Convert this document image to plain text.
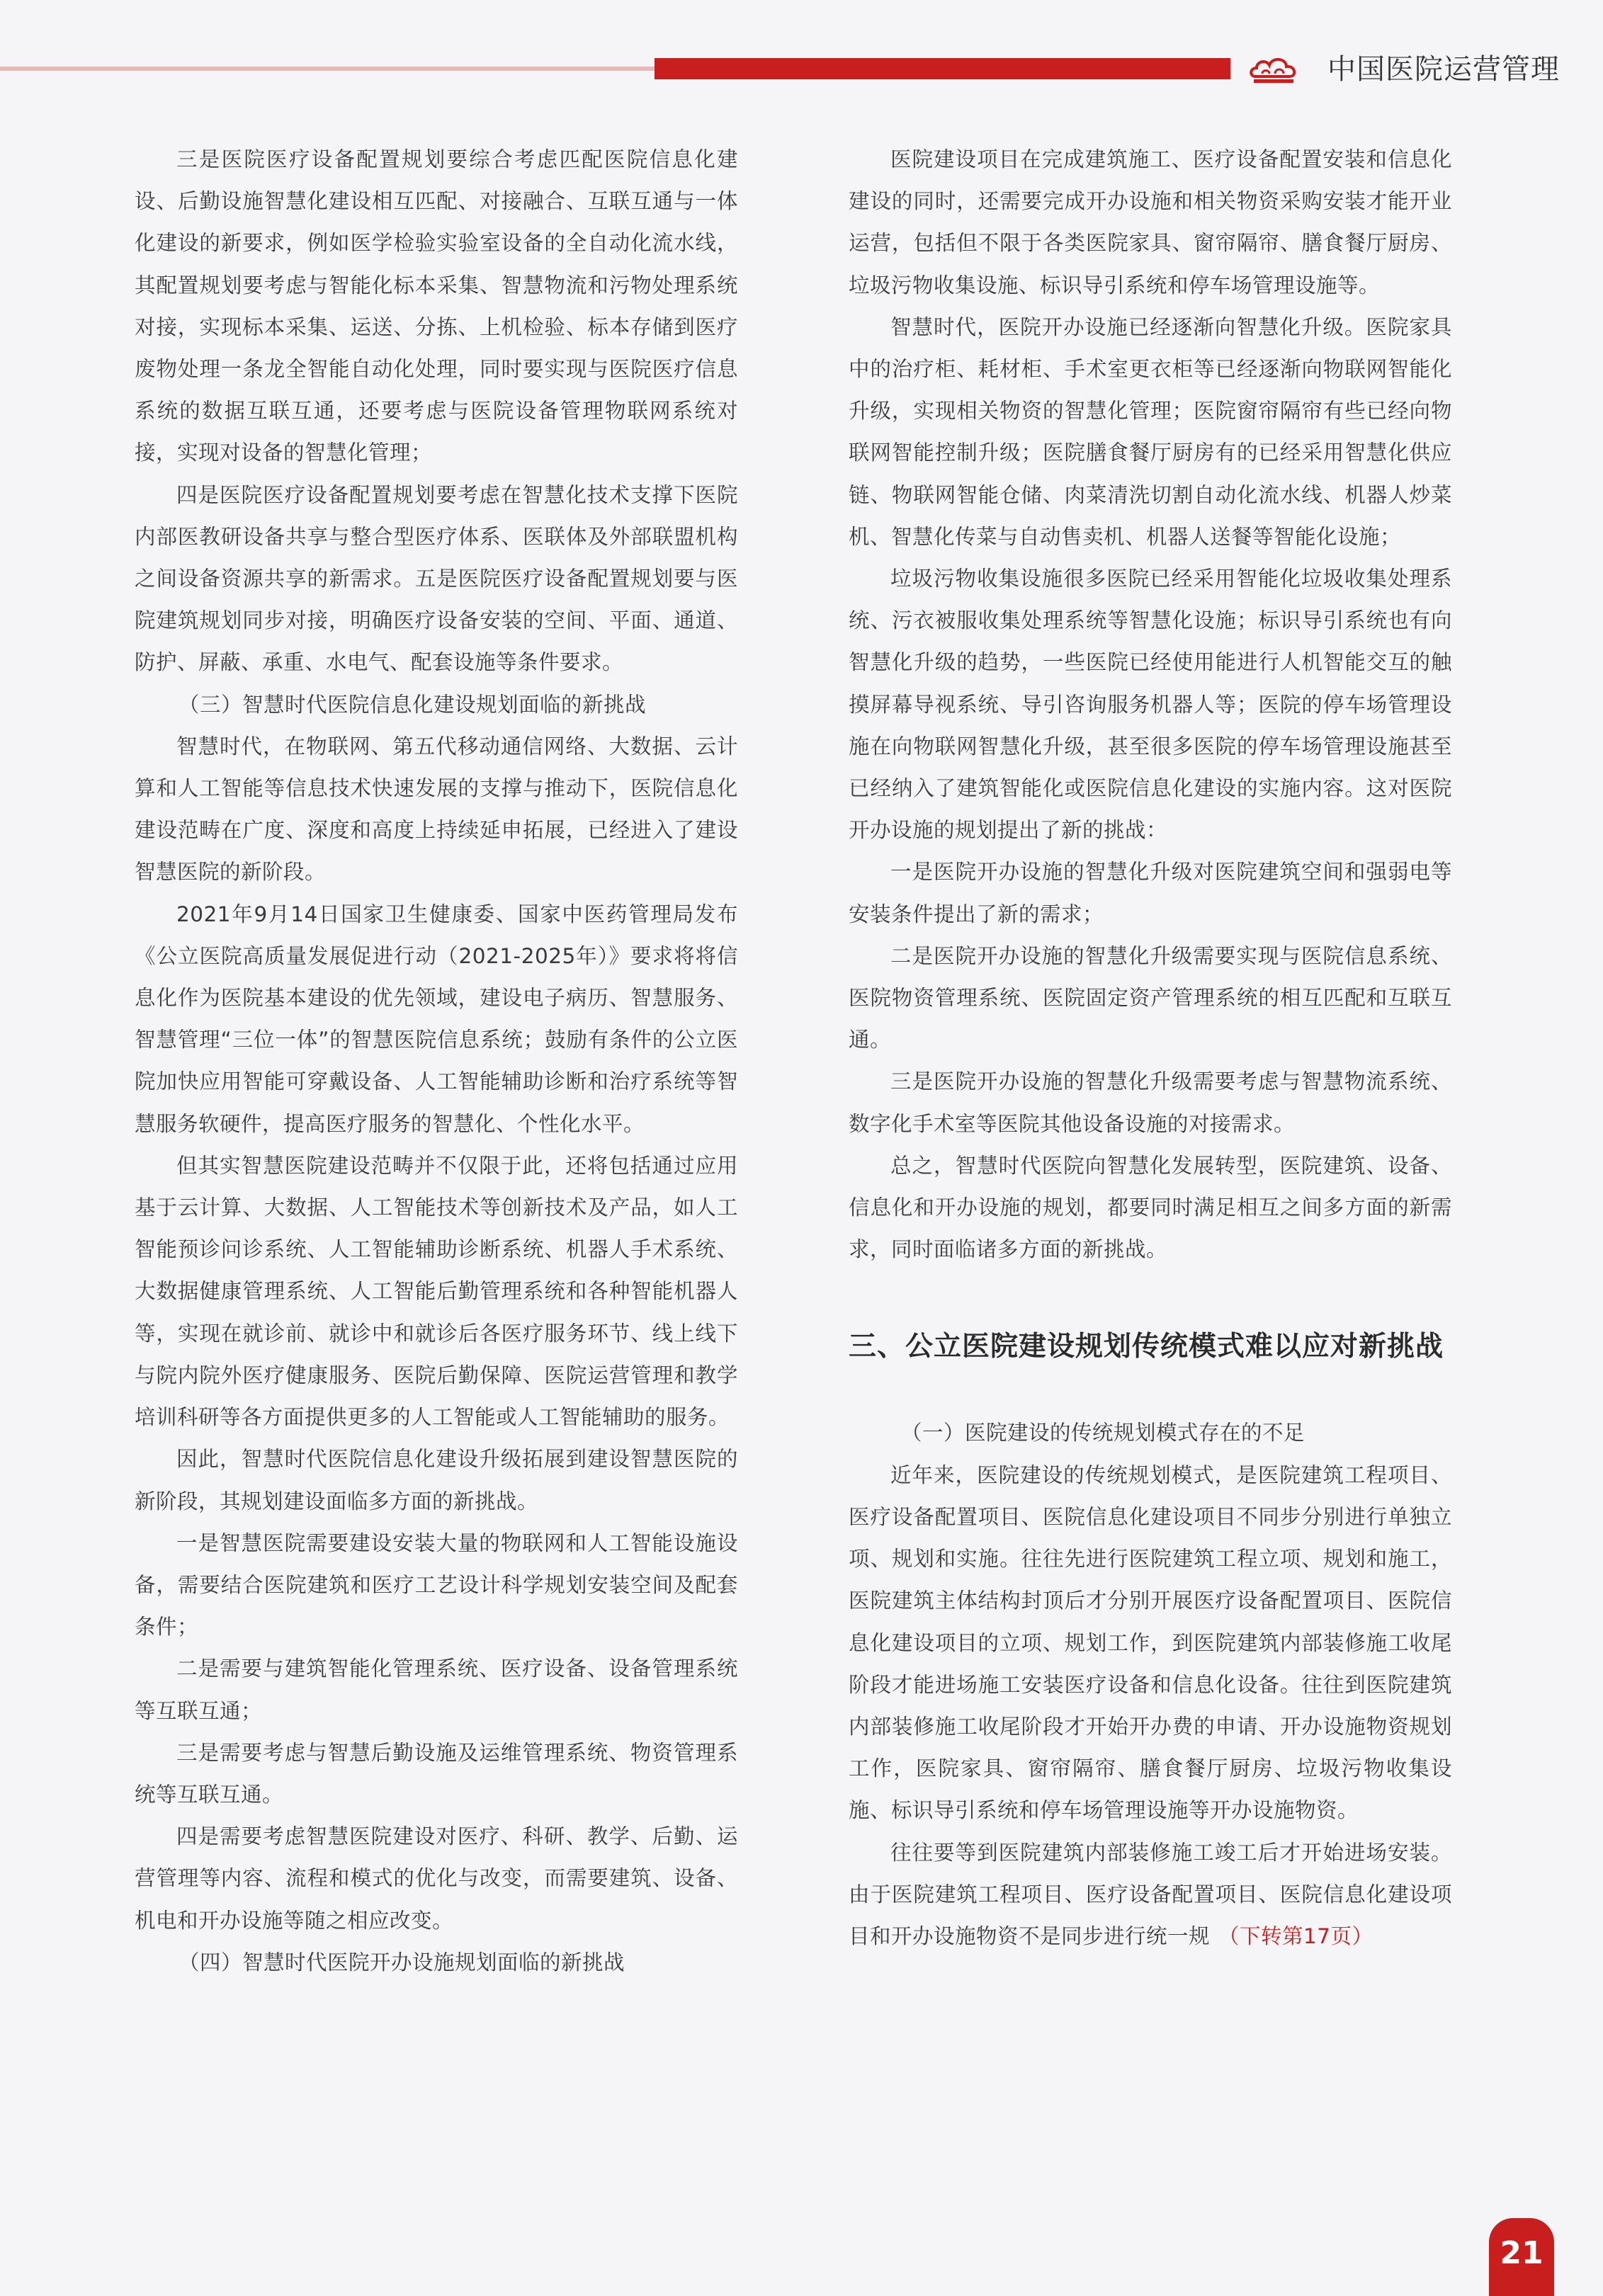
中国医院运营管理

三是医院医疗设备配置规划要综合考虑匹配医院信息化建设、后勤设施智慧化建设相互匹配、对接融合、互联互通与一体化建设的新要求，例如医学检验实验室设备的全自动化流水线，其配置规划要考虑与智能化标本采集、智慧物流和污物处理系统对接，实现标本采集、运送、分拣、上机检验、标本存储到医疗废物处理一条龙全智能自动化处理，同时要实现与医院医疗信息系统的数据互联互通，还要考虑与医院设备管理物联网系统对接，实现对设备的智慧化管理；

四是医院医疗设备配置规划要考虑在智慧化技术支撑下医院内部医教研设备共享与整合型医疗体系、医联体及外部联盟机构之间设备资源共享的新需求。五是医院医疗设备配置规划要与医院建筑规划同步对接，明确医疗设备安装的空间、平面、通道、防护、屏蔽、承重、水电气、配套设施等条件要求。

（三）智慧时代医院信息化建设规划面临的新挑战

智慧时代，在物联网、第五代移动通信网络、大数据、云计算和人工智能等信息技术快速发展的支撑与推动下，医院信息化建设范畴在广度、深度和高度上持续延申拓展，已经进入了建设智慧医院的新阶段。

2021年9月14日国家卫生健康委、国家中医药管理局发布《公立医院高质量发展促进行动（2021-2025年）》要求将将信息化作为医院基本建设的优先领域，建设电子病历、智慧服务、智慧管理“三位一体”的智慧医院信息系统；鼓励有条件的公立医院加快应用智能可穿戴设备、人工智能辅助诊断和治疗系统等智慧服务软硬件，提高医疗服务的智慧化、个性化水平。

但其实智慧医院建设范畴并不仅限于此，还将包括通过应用基于云计算、大数据、人工智能技术等创新技术及产品，如人工智能预诊问诊系统、人工智能辅助诊断系统、机器人手术系统、大数据健康管理系统、人工智能后勤管理系统和各种智能机器人等，实现在就诊前、就诊中和就诊后各医疗服务环节、线上线下与院内院外医疗健康服务、医院后勤保障、医院运营管理和教学培训科研等各方面提供更多的人工智能或人工智能辅助的服务。

因此，智慧时代医院信息化建设升级拓展到建设智慧医院的新阶段，其规划建设面临多方面的新挑战。

一是智慧医院需要建设安装大量的物联网和人工智能设施设备，需要结合医院建筑和医疗工艺设计科学规划安装空间及配套条件；

二是需要与建筑智能化管理系统、医疗设备、设备管理系统等互联互通；

三是需要考虑与智慧后勤设施及运维管理系统、物资管理系统等互联互通。

四是需要考虑智慧医院建设对医疗、科研、教学、后勤、运营管理等内容、流程和模式的优化与改变，而需要建筑、设备、机电和开办设施等随之相应改变。

（四）智慧时代医院开办设施规划面临的新挑战

医院建设项目在完成建筑施工、医疗设备配置安装和信息化建设的同时，还需要完成开办设施和相关物资采购安装才能开业运营，包括但不限于各类医院家具、窗帘隔帘、膳食餐厅厨房、垃圾污物收集设施、标识导引系统和停车场管理设施等。

智慧时代，医院开办设施已经逐渐向智慧化升级。医院家具中的治疗柜、耗材柜、手术室更衣柜等已经逐渐向物联网智能化升级，实现相关物资的智慧化管理；医院窗帘隔帘有些已经向物联网智能控制升级；医院膳食餐厅厨房有的已经采用智慧化供应链、物联网智能仓储、肉菜清洗切割自动化流水线、机器人炒菜机、智慧化传菜与自动售卖机、机器人送餐等智能化设施；

垃圾污物收集设施很多医院已经采用智能化垃圾收集处理系统、污衣被服收集处理系统等智慧化设施；标识导引系统也有向智慧化升级的趋势，一些医院已经使用能进行人机智能交互的触摸屏幕导视系统、导引咨询服务机器人等；医院的停车场管理设施在向物联网智慧化升级，甚至很多医院的停车场管理设施甚至已经纳入了建筑智能化或医院信息化建设的实施内容。这对医院开办设施的规划提出了新的挑战：

一是医院开办设施的智慧化升级对医院建筑空间和强弱电等安装条件提出了新的需求；

二是医院开办设施的智慧化升级需要实现与医院信息系统、医院物资管理系统、医院固定资产管理系统的相互匹配和互联互通。

三是医院开办设施的智慧化升级需要考虑与智慧物流系统、数字化手术室等医院其他设备设施的对接需求。

总之，智慧时代医院向智慧化发展转型，医院建筑、设备、信息化和开办设施的规划，都要同时满足相互之间多方面的新需求，同时面临诸多方面的新挑战。

三、公立医院建设规划传统模式难以应对新挑战

（一）医院建设的传统规划模式存在的不足

近年来，医院建设的传统规划模式，是医院建筑工程项目、医疗设备配置项目、医院信息化建设项目不同步分别进行单独立项、规划和实施。往往先进行医院建筑工程立项、规划和施工，医院建筑主体结构封顶后才分别开展医疗设备配置项目、医院信息化建设项目的立项、规划工作，到医院建筑内部装修施工收尾阶段才能进场施工安装医疗设备和信息化设备。往往到医院建筑内部装修施工收尾阶段才开始开办费的申请、开办设施物资规划工作，医院家具、窗帘隔帘、膳食餐厅厨房、垃圾污物收集设施、标识导引系统和停车场管理设施等开办设施物资。

往往要等到医院建筑内部装修施工竣工后才开始进场安装。由于医院建筑工程项目、医疗设备配置项目、医院信息化建设项目和开办设施物资不是同步进行统一规 （下转第17页）

21
